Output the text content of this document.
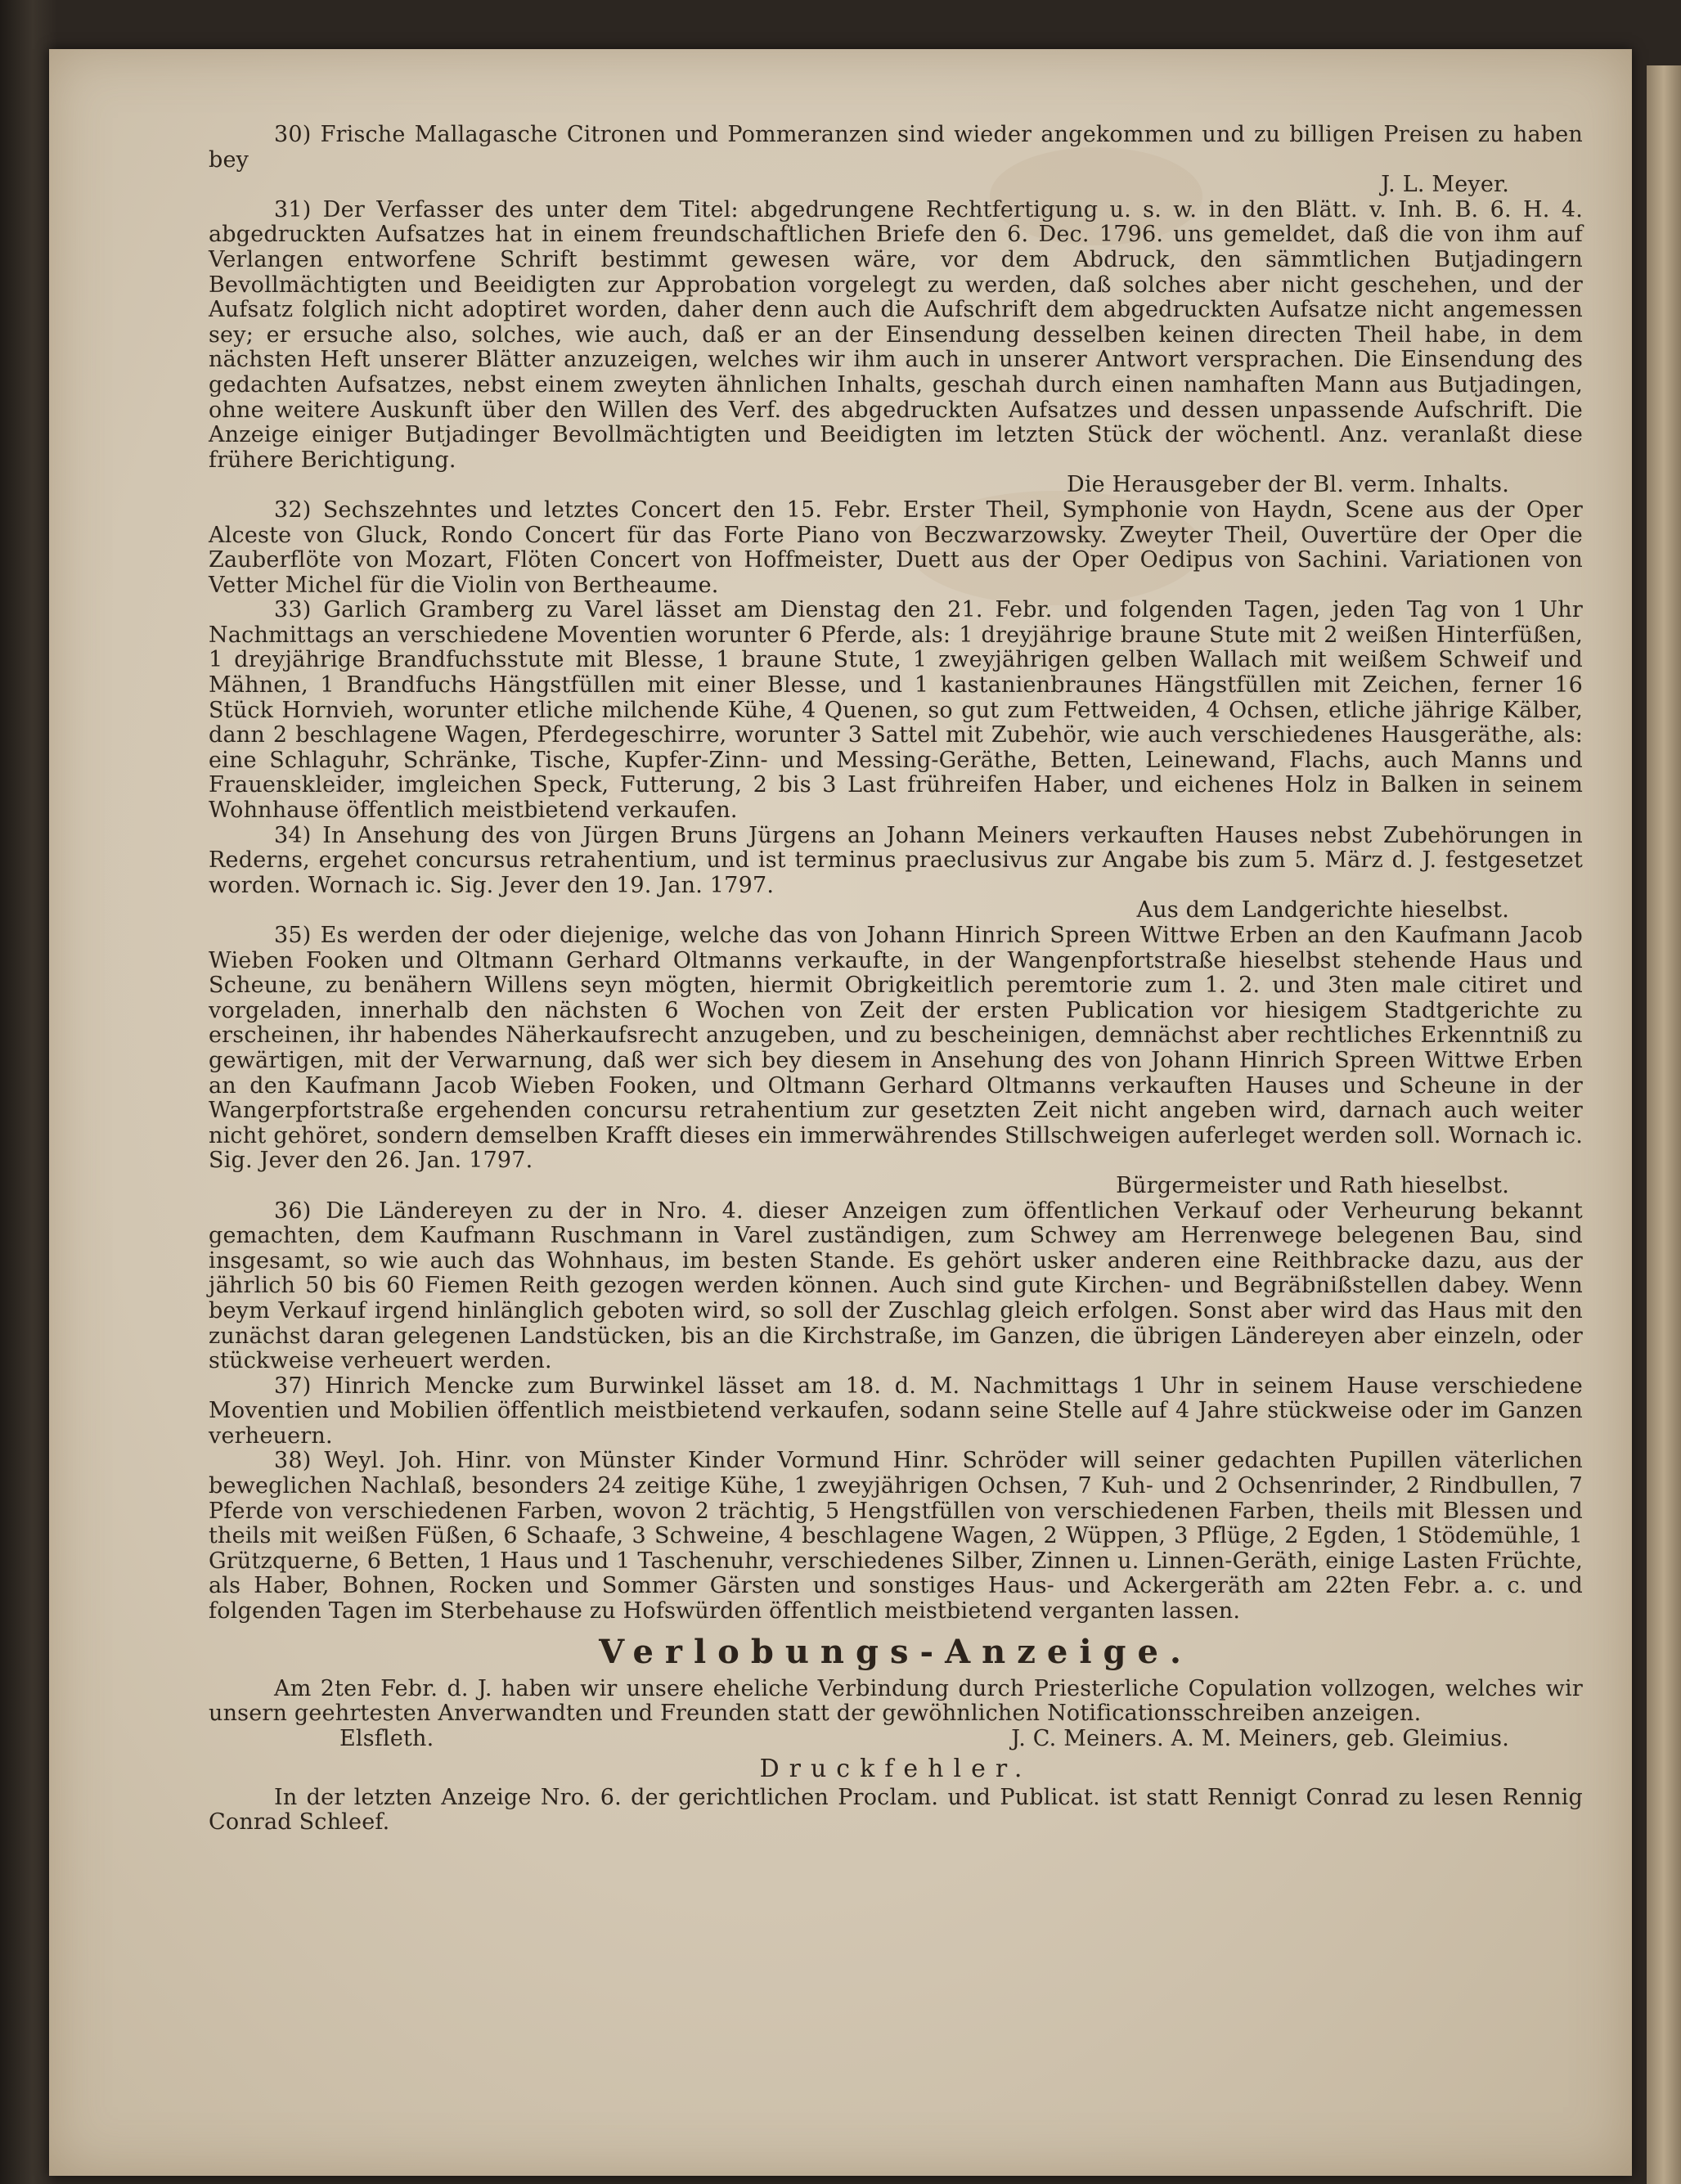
30) Frische Mallagasche Citronen und Pommeranzen sind wieder angekommen und zu billigen Preisen zu haben bey

J. L. Meyer.

31) Der Verfasser des unter dem Titel: abgedrungene Rechtfertigung u. s. w. in den Blätt. v. Inh. B. 6. H. 4. abgedruckten Aufsatzes hat in einem freundschaftlichen Briefe den 6. Dec. 1796. uns gemeldet, daß die von ihm auf Verlangen entworfene Schrift bestimmt gewesen wäre, vor dem Abdruck, den sämmtlichen Butjadingern Bevollmächtigten und Beeidigten zur Approbation vorgelegt zu werden, daß solches aber nicht geschehen, und der Aufsatz folglich nicht adoptiret worden, daher denn auch die Aufschrift dem abgedruckten Aufsatze nicht angemessen sey; er ersuche also, solches, wie auch, daß er an der Einsendung desselben keinen directen Theil habe, in dem nächsten Heft unserer Blätter anzuzeigen, welches wir ihm auch in unserer Antwort versprachen. Die Einsendung des gedachten Aufsatzes, nebst einem zweyten ähnlichen Inhalts, geschah durch einen namhaften Mann aus Butjadingen, ohne weitere Auskunft über den Willen des Verf. des abgedruckten Aufsatzes und dessen unpassende Aufschrift. Die Anzeige einiger Butjadinger Bevollmächtigten und Beeidigten im letzten Stück der wöchentl. Anz. veranlaßt diese frühere Berichtigung.

Die Herausgeber der Bl. verm. Inhalts.

32) Sechszehntes und letztes Concert den 15. Febr. Erster Theil, Symphonie von Haydn, Scene aus der Oper Alceste von Gluck, Rondo Concert für das Forte Piano von Beczwarzowsky. Zweyter Theil, Ouvertüre der Oper die Zauberflöte von Mozart, Flöten Concert von Hoffmeister, Duett aus der Oper Oedipus von Sachini. Variationen von Vetter Michel für die Violin von Bertheaume.

33) Garlich Gramberg zu Varel lässet am Dienstag den 21. Febr. und folgenden Tagen, jeden Tag von 1 Uhr Nachmittags an verschiedene Moventien worunter 6 Pferde, als: 1 dreyjährige braune Stute mit 2 weißen Hinterfüßen, 1 dreyjährige Brandfuchsstute mit Blesse, 1 braune Stute, 1 zweyjährigen gelben Wallach mit weißem Schweif und Mähnen, 1 Brandfuchs Hängstfüllen mit einer Blesse, und 1 kastanienbraunes Hängstfüllen mit Zeichen, ferner 16 Stück Hornvieh, worunter etliche milchende Kühe, 4 Quenen, so gut zum Fettweiden, 4 Ochsen, etliche jährige Kälber, dann 2 beschlagene Wagen, Pferdegeschirre, worunter 3 Sattel mit Zubehör, wie auch verschiedenes Hausgeräthe, als: eine Schlaguhr, Schränke, Tische, Kupfer-Zinn- und Messing-Geräthe, Betten, Leinewand, Flachs, auch Manns und Frauenskleider, imgleichen Speck, Futterung, 2 bis 3 Last frühreifen Haber, und eichenes Holz in Balken in seinem Wohnhause öffentlich meistbietend verkaufen.

34) In Ansehung des von Jürgen Bruns Jürgens an Johann Meiners verkauften Hauses nebst Zubehörungen in Rederns, ergehet concursus retrahentium, und ist terminus praeclusivus zur Angabe bis zum 5. März d. J. festgesetzet worden. Wornach ic. Sig. Jever den 19. Jan. 1797.

Aus dem Landgerichte hieselbst.

35) Es werden der oder diejenige, welche das von Johann Hinrich Spreen Wittwe Erben an den Kaufmann Jacob Wieben Fooken und Oltmann Gerhard Oltmanns verkaufte, in der Wangenpfortstraße hieselbst stehende Haus und Scheune, zu benähern Willens seyn mögten, hiermit Obrigkeitlich peremtorie zum 1. 2. und 3ten male citiret und vorgeladen, innerhalb den nächsten 6 Wochen von Zeit der ersten Publication vor hiesigem Stadtgerichte zu erscheinen, ihr habendes Näherkaufsrecht anzugeben, und zu bescheinigen, demnächst aber rechtliches Erkenntniß zu gewärtigen, mit der Verwarnung, daß wer sich bey diesem in Ansehung des von Johann Hinrich Spreen Wittwe Erben an den Kaufmann Jacob Wieben Fooken, und Oltmann Gerhard Oltmanns verkauften Hauses und Scheune in der Wangerpfortstraße ergehenden concursu retrahentium zur gesetzten Zeit nicht angeben wird, darnach auch weiter nicht gehöret, sondern demselben Krafft dieses ein immerwährendes Stillschweigen auferleget werden soll. Wornach ic. Sig. Jever den 26. Jan. 1797.

Bürgermeister und Rath hieselbst.

36) Die Ländereyen zu der in Nro. 4. dieser Anzeigen zum öffentlichen Verkauf oder Verheurung bekannt gemachten, dem Kaufmann Ruschmann in Varel zuständigen, zum Schwey am Herrenwege belegenen Bau, sind insgesamt, so wie auch das Wohnhaus, im besten Stande. Es gehört usker anderen eine Reithbracke dazu, aus der jährlich 50 bis 60 Fiemen Reith gezogen werden können. Auch sind gute Kirchen- und Begräbnißstellen dabey. Wenn beym Verkauf irgend hinlänglich geboten wird, so soll der Zuschlag gleich erfolgen. Sonst aber wird das Haus mit den zunächst daran gelegenen Landstücken, bis an die Kirchstraße, im Ganzen, die übrigen Ländereyen aber einzeln, oder stückweise verheuert werden.

37) Hinrich Mencke zum Burwinkel lässet am 18. d. M. Nachmittags 1 Uhr in seinem Hause verschiedene Moventien und Mobilien öffentlich meistbietend verkaufen, sodann seine Stelle auf 4 Jahre stückweise oder im Ganzen verheuern.

38) Weyl. Joh. Hinr. von Münster Kinder Vormund Hinr. Schröder will seiner gedachten Pupillen väterlichen beweglichen Nachlaß, besonders 24 zeitige Kühe, 1 zweyjährigen Ochsen, 7 Kuh- und 2 Ochsenrinder, 2 Rindbullen, 7 Pferde von verschiedenen Farben, wovon 2 trächtig, 5 Hengstfüllen von verschiedenen Farben, theils mit Blessen und theils mit weißen Füßen, 6 Schaafe, 3 Schweine, 4 beschlagene Wagen, 2 Wüppen, 3 Pflüge, 2 Egden, 1 Stödemühle, 1 Grützquerne, 6 Betten, 1 Haus und 1 Taschenuhr, verschiedenes Silber, Zinnen u. Linnen-Geräth, einige Lasten Früchte, als Haber, Bohnen, Rocken und Sommer Gärsten und sonstiges Haus- und Ackergeräth am 22ten Febr. a. c. und folgenden Tagen im Sterbehause zu Hofswürden öffentlich meistbietend verganten lassen.

Verlobungs-Anzeige.

Am 2ten Febr. d. J. haben wir unsere eheliche Verbindung durch Priesterliche Copulation vollzogen, welches wir unsern geehrtesten Anverwandten und Freunden statt der gewöhnlichen Notificationsschreiben anzeigen.

Elsfleth.	J. C. Meiners. A. M. Meiners, geb. Gleimius.
Druckfehler.

In der letzten Anzeige Nro. 6. der gerichtlichen Proclam. und Publicat. ist statt Rennigt Conrad zu lesen Rennig Conrad Schleef.
